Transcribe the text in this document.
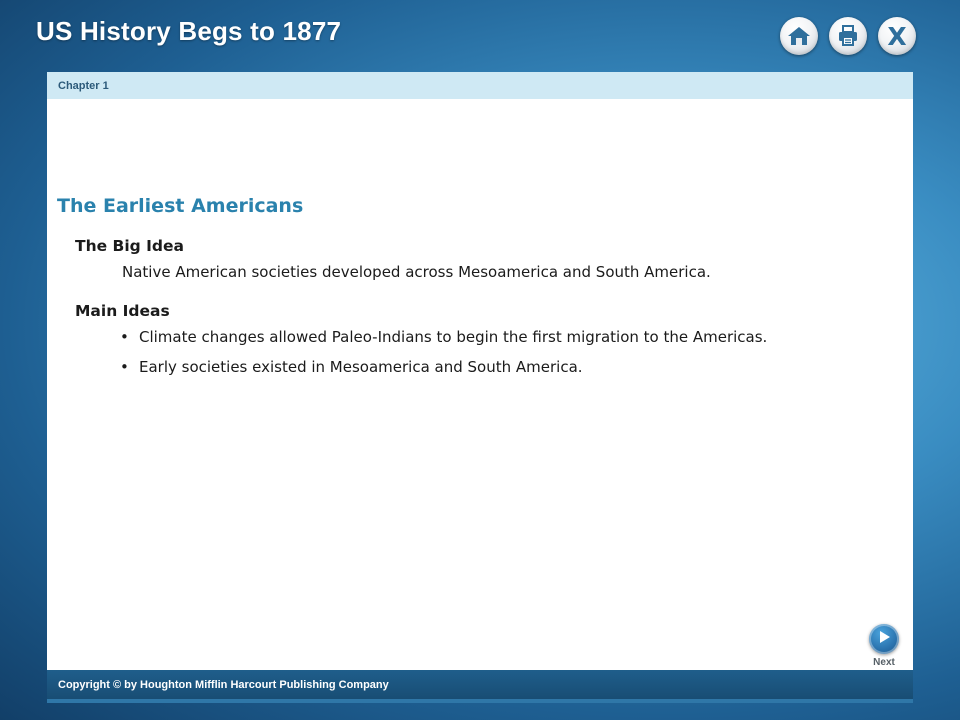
US History Begs to 1877	X
Chapter 1
The Earliest Americans
The Big Idea
Native American societies developed across Mesoamerica and South America.
Main Ideas
• Climate changes allowed Paleo-Indians to begin the first migration to the Americas.
• Early societies existed in Mesoamerica and South America.
Next
Copyright © by Houghton Mifflin Harcourt Publishing Company
